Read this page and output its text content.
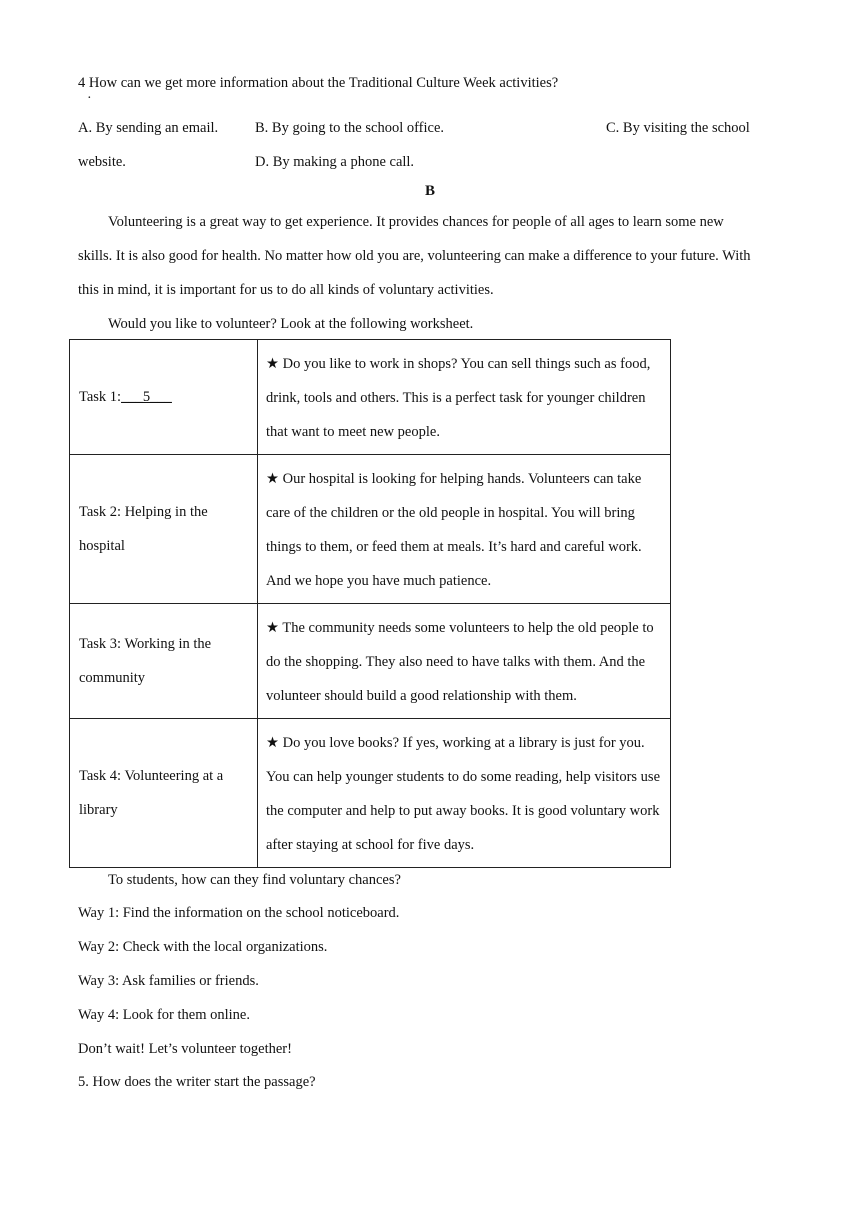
4 How can we get more information about the Traditional Culture Week activities?
·
A. By sending an email.	B. By going to the school office.	C. By visiting the school
website.	D. By making a phone call.
B
Volunteering is a great way to get experience. It provides chances for people of all ages to learn some new
skills. It is also good for health. No matter how old you are, volunteering can make a difference to your future. With
this in mind, it is important for us to do all kinds of voluntary activities.
Would you like to volunteer? Look at the following worksheet.
Task 1:___5___	★ Do you like to work in shops? You can sell things such as food, drink, tools and others. This is a perfect task for younger children that want to meet new people.

Task 2: Helping in the hospital	★ Our hospital is looking for helping hands. Volunteers can take care of the children or the old people in hospital. You will bring things to them, or feed them at meals. It’s hard and careful work. And we hope you have much patience.

Task 3: Working in the community	★ The community needs some volunteers to help the old people to do the shopping. They also need to have talks with them. And the volunteer should build a good relationship with them.

Task 4: Volunteering at a library	★ Do you love books? If yes, working at a library is just for you. You can help younger students to do some reading, help visitors use the computer and help to put away books. It is good voluntary work after staying at school for five days.
To students, how can they find voluntary chances?
Way 1: Find the information on the school noticeboard.
Way 2: Check with the local organizations.
Way 3: Ask families or friends.
Way 4: Look for them online.
Don’t wait! Let’s volunteer together!
5. How does the writer start the passage?
